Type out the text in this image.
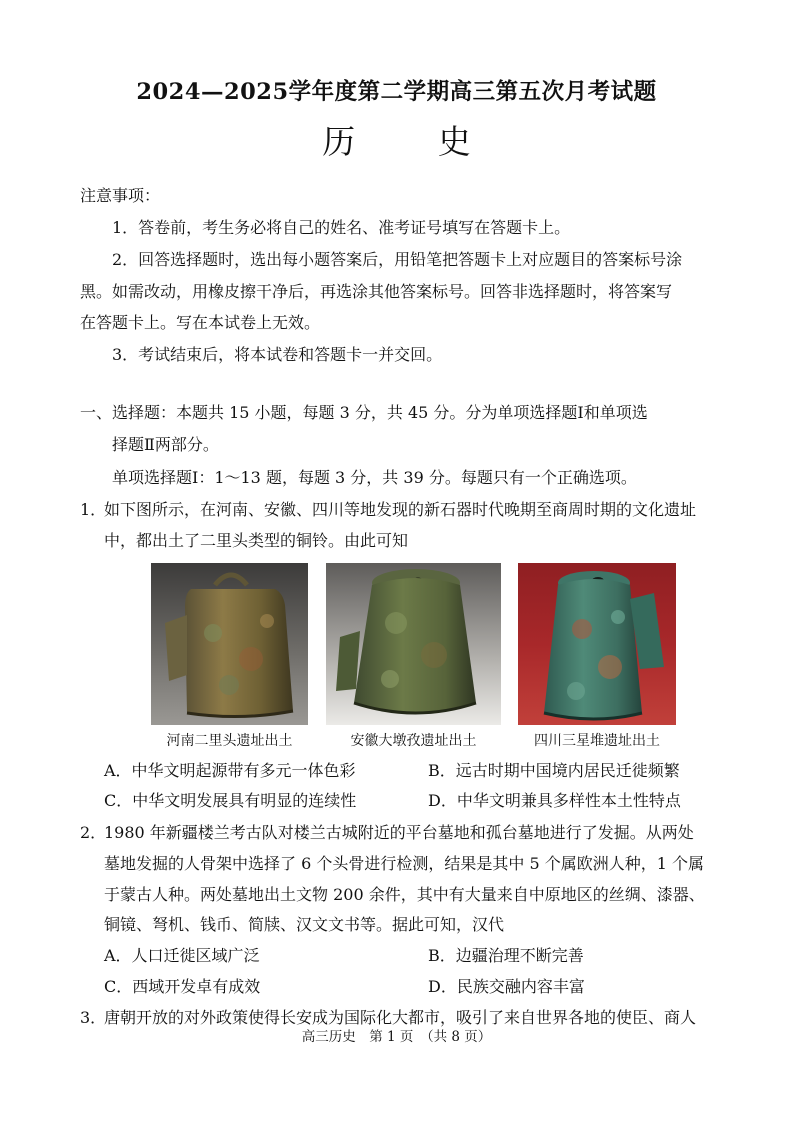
2024—2025学年度第二学期高三第五次月考试题
历 史
注意事项：
1．答卷前，考生务必将自己的姓名、准考证号填写在答题卡上。
2．回答选择题时，选出每小题答案后，用铅笔把答题卡上对应题目的答案标号涂
黑。如需改动，用橡皮擦干净后，再选涂其他答案标号。回答非选择题时，将答案写
在答题卡上。写在本试卷上无效。
3．考试结束后，将本试卷和答题卡一并交回。
一、选择题：本题共 15 小题，每题 3 分，共 45 分。分为单项选择题Ⅰ和单项选
择题Ⅱ两部分。
单项选择题Ⅰ：1～13 题，每题 3 分，共 39 分。每题只有一个正确选项。
1．
如下图所示，在河南、安徽、四川等地发现的新石器时代晚期至商周时期的文化遗址
中，都出土了二里头类型的铜铃。由此可知
河南二里头遗址出土	安徽大墩孜遗址出土	四川三星堆遗址出土
A．中华文明起源带有多元一体色彩	B．远古时期中国境内居民迁徙频繁
C．中华文明发展具有明显的连续性	D．中华文明兼具多样性本土性特点
2．
1980 年新疆楼兰考古队对楼兰古城附近的平台墓地和孤台墓地进行了发掘。从两处
墓地发掘的人骨架中选择了 6 个头骨进行检测，结果是其中 5 个属欧洲人种，1 个属
于蒙古人种。两处墓地出土文物 200 余件，其中有大量来自中原地区的丝绸、漆器、
铜镜、弩机、钱币、简牍、汉文文书等。据此可知，汉代
A．人口迁徙区域广泛	B．边疆治理不断完善
C．西域开发卓有成效	D．民族交融内容丰富
3．
唐朝开放的对外政策使得长安成为国际化大都市，吸引了来自世界各地的使臣、商人
高三历史　第 1 页　（共 8 页）
